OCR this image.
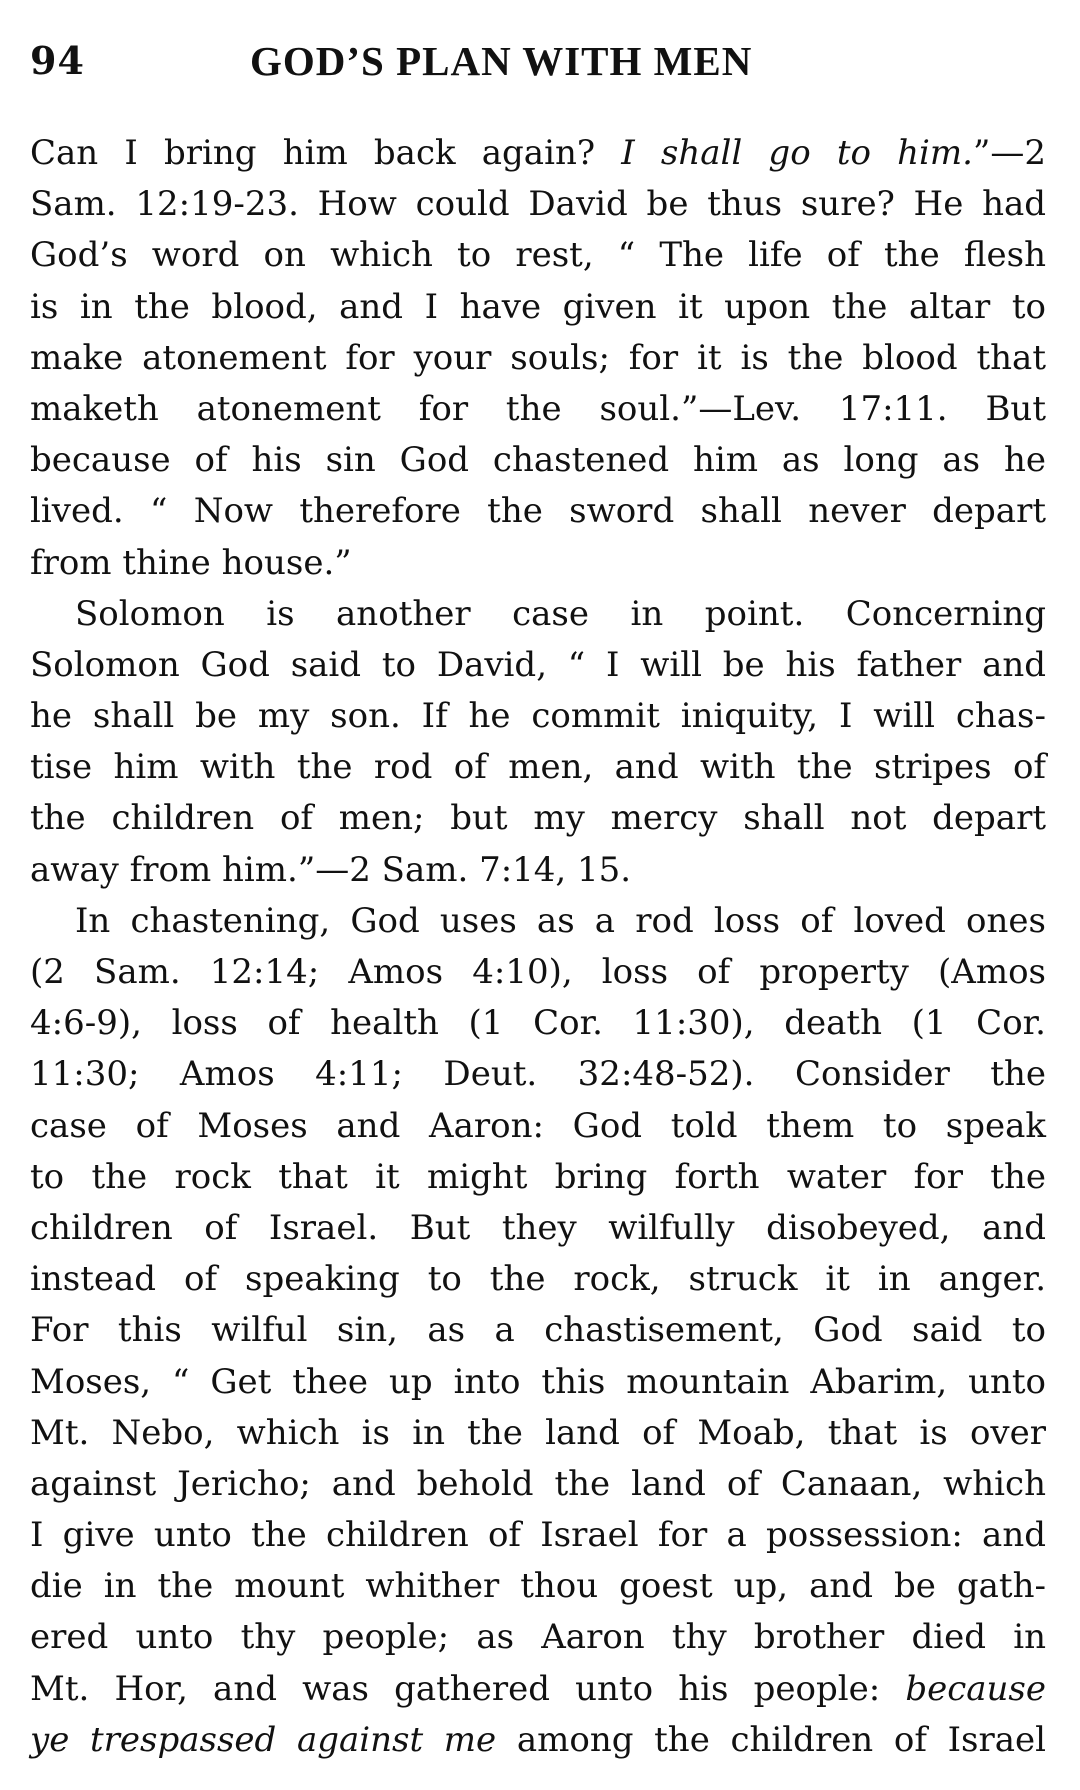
94	GOD’S PLAN WITH MEN
Can I bring him back again? I shall go to him.”—2
Sam. 12:19-23. How could David be thus sure? He had
God’s word on which to rest, “ The life of the flesh
is in the blood, and I have given it upon the altar to
make atonement for your souls; for it is the blood that
maketh atonement for the soul.”—Lev. 17:11. But
because of his sin God chastened him as long as he
lived. “ Now therefore the sword shall never depart
from thine house.”
Solomon is another case in point. Concerning
Solomon God said to David, “ I will be his father and
he shall be my son. If he commit iniquity, I will chas-
tise him with the rod of men, and with the stripes of
the children of men; but my mercy shall not depart
away from him.”—2 Sam. 7:14, 15.
In chastening, God uses as a rod loss of loved ones
(2 Sam. 12:14; Amos 4:10), loss of property (Amos
4:6-9), loss of health (1 Cor. 11:30), death (1 Cor.
11:30; Amos 4:11; Deut. 32:48-52). Consider the
case of Moses and Aaron: God told them to speak
to the rock that it might bring forth water for the
children of Israel. But they wilfully disobeyed, and
instead of speaking to the rock, struck it in anger.
For this wilful sin, as a chastisement, God said to
Moses, “ Get thee up into this mountain Abarim, unto
Mt. Nebo, which is in the land of Moab, that is over
against Jericho; and behold the land of Canaan, which
I give unto the children of Israel for a possession: and
die in the mount whither thou goest up, and be gath-
ered unto thy people; as Aaron thy brother died in
Mt. Hor, and was gathered unto his people: because
ye trespassed against me among the children of Israel
